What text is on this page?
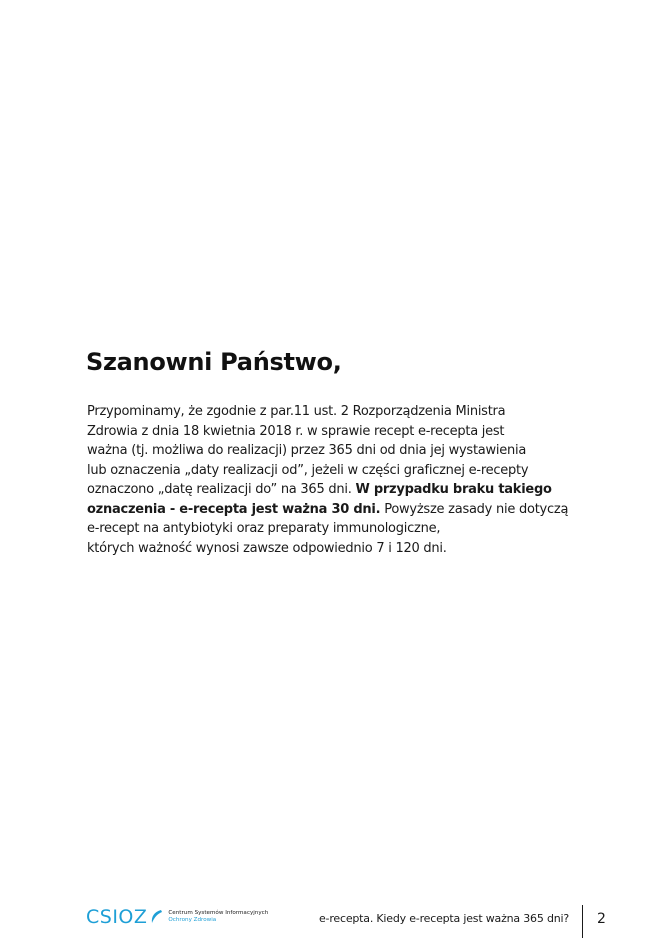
Szanowni Państwo,

Przypominamy, że zgodnie z par.11 ust. 2 Rozporządzenia Ministra
Zdrowia z dnia 18 kwietnia 2018 r. w sprawie recept e-recepta jest
ważna (tj. możliwa do realizacji) przez 365 dni od dnia jej wystawienia
lub oznaczenia „daty realizacji od”, jeżeli w części graficznej e-recepty
oznaczono „datę realizacji do” na 365 dni. W przypadku braku takiego
oznaczenia - e-recepta jest ważna 30 dni. Powyższe zasady nie dotyczą
e-recept na antybiotyki oraz preparaty immunologiczne,
których ważność wynosi zawsze odpowiednio 7 i 120 dni.

CSIOZ	Centrum Systemów Informacyjnych
Ochrony Zdrowia	e-recepta. Kiedy e-recepta jest ważna 365 dni? 2
